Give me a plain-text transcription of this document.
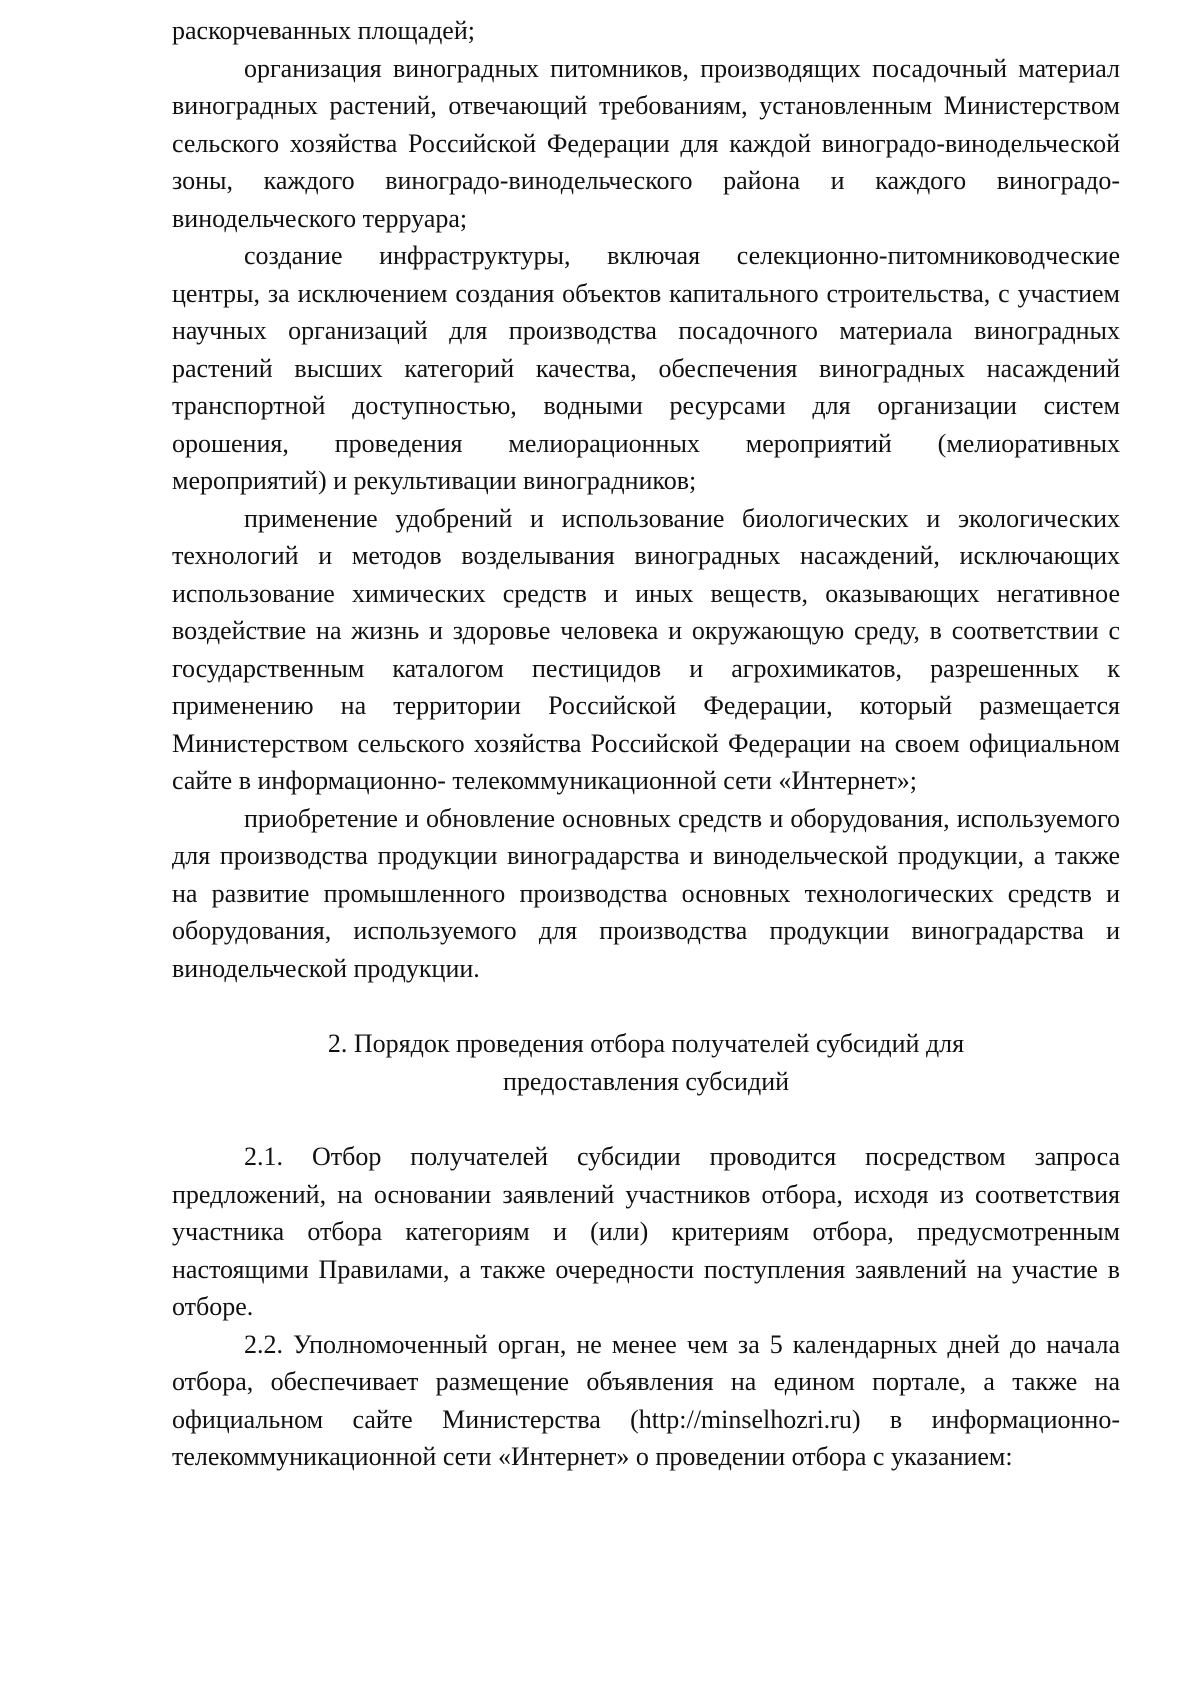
раскорчеванных площадей;

организация виноградных питомников, производящих посадочный материал виноградных растений, отвечающий требованиям, установленным Министерством сельского хозяйства Российской Федерации для каждой виноградо-винодельческой зоны, каждого виноградо-винодельческого района и каждого виноградо-винодельческого терруара;

создание инфраструктуры, включая селекционно-питомниководческие центры, за исключением создания объектов капитального строительства, с участием научных организаций для производства посадочного материала виноградных растений высших категорий качества, обеспечения виноградных насаждений транспортной доступностью, водными ресурсами для организации систем орошения, проведения мелиорационных мероприятий (мелиоративных мероприятий) и рекультивации виноградников;

применение удобрений и использование биологических и экологических технологий и методов возделывания виноградных насаждений, исключающих использование химических средств и иных веществ, оказывающих негативное воздействие на жизнь и здоровье человека и окружающую среду, в соответствии с государственным каталогом пестицидов и агрохимикатов, разрешенных к применению на территории Российской Федерации, который размещается Министерством сельского хозяйства Российской Федерации на своем официальном сайте в информационно- телекоммуникационной сети «Интернет»;

приобретение и обновление основных средств и оборудования, используемого для производства продукции виноградарства и винодельческой продукции, а также на развитие промышленного производства основных технологических средств и оборудования, используемого для производства продукции виноградарства и винодельческой продукции.

2. Порядок проведения отбора получателей субсидий для

предоставления субсидий

2.1. Отбор получателей субсидии проводится посредством запроса предложений, на основании заявлений участников отбора, исходя из соответствия участника отбора категориям и (или) критериям отбора, предусмотренным настоящими Правилами, а также очередности поступления заявлений на участие в отборе.

2.2. Уполномоченный орган, не менее чем за 5 календарных дней до начала отбора, обеспечивает размещение объявления на едином портале, а также на официальном сайте Министерства (http://minselhozri.ru) в информационно-телекоммуникационной сети «Интернет» о проведении отбора с указанием:
